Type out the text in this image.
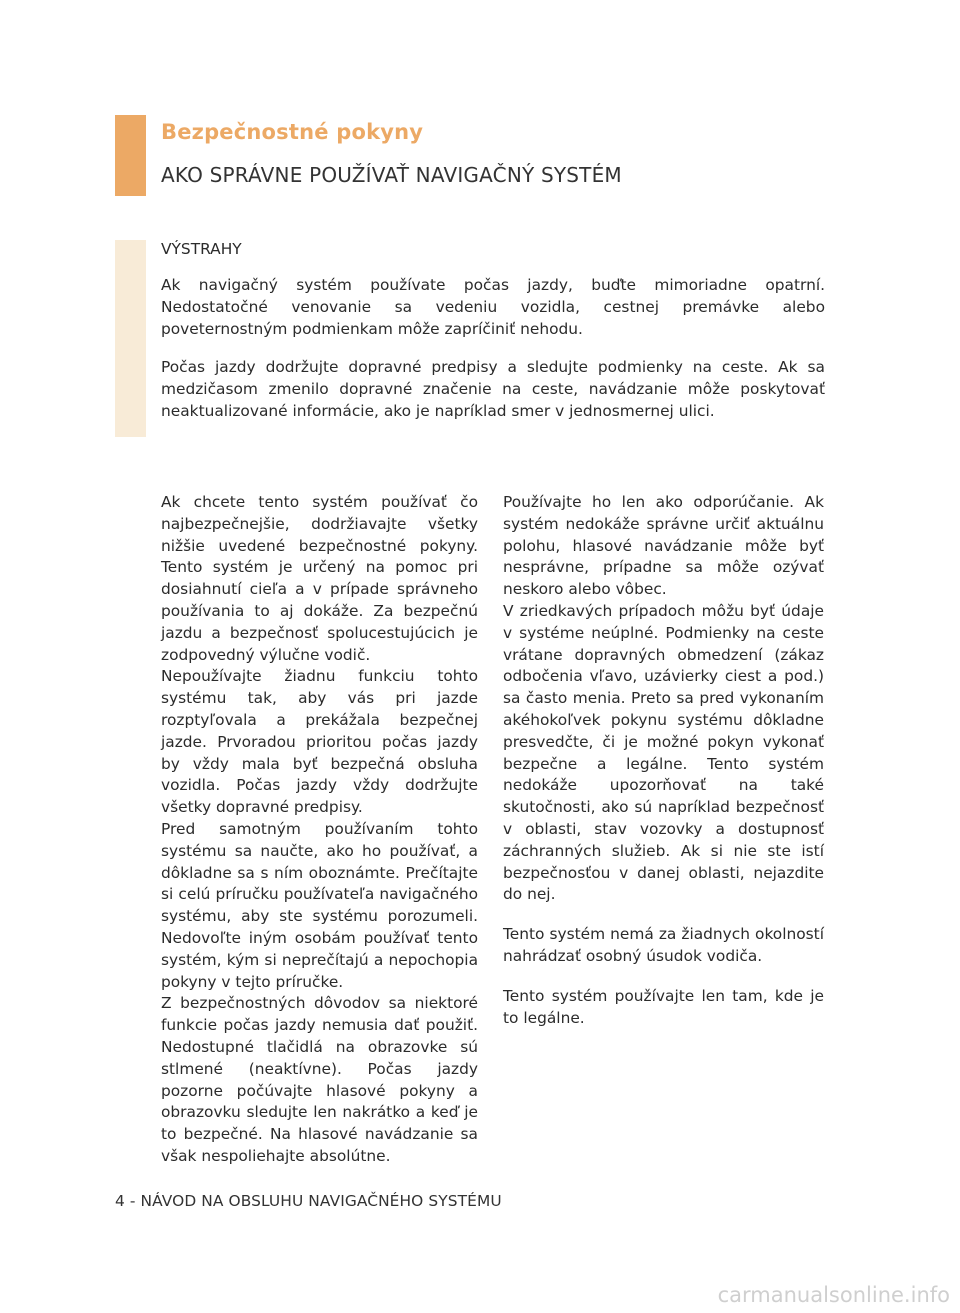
Bezpečnostné pokyny
AKO SPRÁVNE POUŽÍVAŤ NAVIGAČNÝ SYSTÉM
VÝSTRAHY

Ak navigačný systém používate počas jazdy, buďte mimoriadne opatrní. Nedostatočné venovanie sa vedeniu vozidla, cestnej premávke alebo poveternostným podmienkam môže zapríčiniť nehodu.

Počas jazdy dodržujte dopravné predpisy a sledujte podmienky na ceste. Ak sa medzičasom zmenilo dopravné značenie na ceste, navádzanie môže poskytovať neaktualizované informácie, ako je napríklad smer v jednosmernej ulici.

Ak chcete tento systém používať čo najbezpečnejšie, dodržiavajte všetky nižšie uvedené bezpečnostné pokyny. Tento systém je určený na pomoc pri dosiahnutí cieľa a v prípade správneho používania to aj dokáže. Za bezpečnú jazdu a bezpečnosť spolucestujúcich je zodpovedný výlučne vodič.

Nepoužívajte žiadnu funkciu tohto systému tak, aby vás pri jazde rozptyľovala a prekážala bezpečnej jazde. Prvoradou prioritou počas jazdy by vždy mala byť bezpečná obsluha vozidla. Počas jazdy vždy dodržujte všetky dopravné predpisy.

Pred samotným používaním tohto systému sa naučte, ako ho používať, a dôkladne sa s ním oboznámte. Prečítajte si celú príručku používateľa navigačného systému, aby ste systému porozumeli. Nedovoľte iným osobám používať tento systém, kým si neprečítajú a nepochopia pokyny v tejto príručke.

Z bezpečnostných dôvodov sa niektoré funkcie počas jazdy nemusia dať použiť. Nedostupné tlačidlá na obrazovke sú stlmené (neaktívne). Počas jazdy pozorne počúvajte hlasové pokyny a obrazovku sledujte len nakrátko a keď je to bezpečné. Na hlasové navádzanie sa však nespoliehajte absolútne.

Používajte ho len ako odporúčanie. Ak systém nedokáže správne určiť aktuálnu polohu, hlasové navádzanie môže byť nesprávne, prípadne sa môže ozývať neskoro alebo vôbec.

V zriedkavých prípadoch môžu byť údaje v systéme neúplné. Podmienky na ceste vrátane dopravných obmedzení (zákaz odbočenia vľavo, uzávierky ciest a pod.) sa často menia. Preto sa pred vykonaním akéhokoľvek pokynu systému dôkladne presvedčte, či je možné pokyn vykonať bezpečne a legálne. Tento systém nedokáže upozorňovať na také skutočnosti, ako sú napríklad bezpečnosť v oblasti, stav vozovky a dostupnosť záchranných služieb. Ak si nie ste istí bezpečnosťou v danej oblasti, nejazdite do nej.

Tento systém nemá za žiadnych okolností nahrádzať osobný úsudok vodiča.

Tento systém používajte len tam, kde je to legálne.

4 - NÁVOD NA OBSLUHU NAVIGAČNÉHO SYSTÉMU
carmanualsonline.info
